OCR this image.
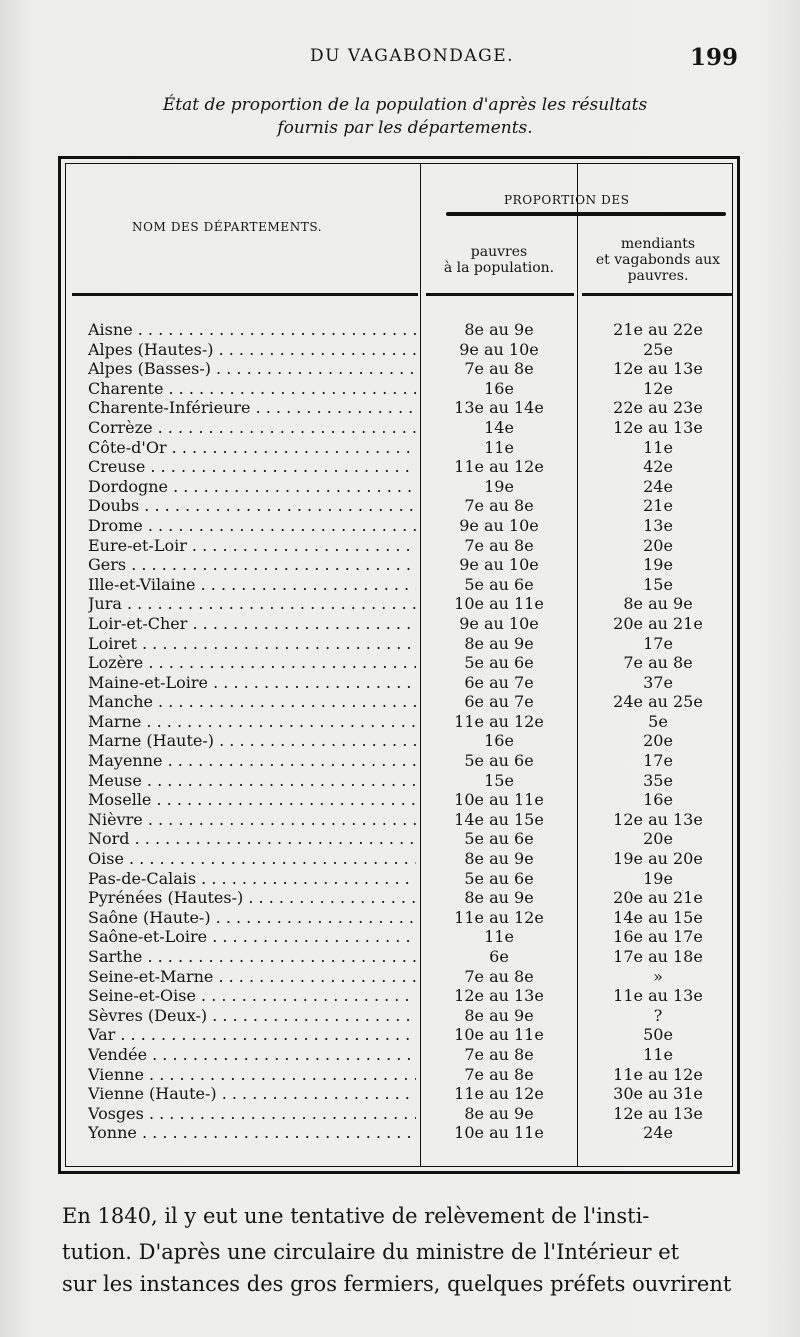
DU VAGABONDAGE.	199
État de proportion de la population d'après les résultats
fournis par les départements.
NOM DES DÉPARTEMENTS.
PROPORTION DES
pauvres
à la population.
mendiants
et vagabonds aux
pauvres.
Aisne . . .	8e au 9e	21e au 22e
Alpes (Hautes-) . . .	9e au 10e	25e
Alpes (Basses-) . . .	7e au 8e	12e au 13e
Charente . . .	16e	12e
Charente-Inférieure . . .	13e au 14e	22e au 23e
Corrèze . . .	14e	12e au 13e
Côte-d'Or . . .	11e	11e
Creuse . . .	11e au 12e	42e
Dordogne . . .	19e	24e
Doubs . . .	7e au 8e	21e
Drome . . .	9e au 10e	13e
Eure-et-Loir . . .	7e au 8e	20e
Gers . . .	9e au 10e	19e
Ille-et-Vilaine . . .	5e au 6e	15e
Jura . . .	10e au 11e	8e au 9e
Loir-et-Cher . . .	9e au 10e	20e au 21e
Loiret . . .	8e au 9e	17e
Lozère . . .	5e au 6e	7e au 8e
Maine-et-Loire . . .	6e au 7e	37e
Manche . . .	6e au 7e	24e au 25e
Marne . . .	11e au 12e	5e
Marne (Haute-) . . .	16e	20e
Mayenne . . .	5e au 6e	17e
Meuse . . .	15e	35e
Moselle . . .	10e au 11e	16e
Nièvre . . .	14e au 15e	12e au 13e
Nord . . .	5e au 6e	20e
Oise . . .	8e au 9e	19e au 20e
Pas-de-Calais . . .	5e au 6e	19e
Pyrénées (Hautes-) . . .	8e au 9e	20e au 21e
Saône (Haute-) . . .	11e au 12e	14e au 15e
Saône-et-Loire . . .	11e	16e au 17e
Sarthe . . .	6e	17e au 18e
Seine-et-Marne . . .	7e au 8e	»
Seine-et-Oise . . .	12e au 13e	11e au 13e
Sèvres (Deux-) . . .	8e au 9e	?
Var . . .	10e au 11e	50e
Vendée . . .	7e au 8e	11e
Vienne . . .	7e au 8e	11e au 12e
Vienne (Haute-) . . .	11e au 12e	30e au 31e
Vosges . . .	8e au 9e	12e au 13e
Yonne . . .	10e au 11e	24e
En 1840, il y eut une tentative de relèvement de l'insti-
tution. D'après une circulaire du ministre de l'Intérieur et
sur les instances des gros fermiers, quelques préfets ouvrirent
